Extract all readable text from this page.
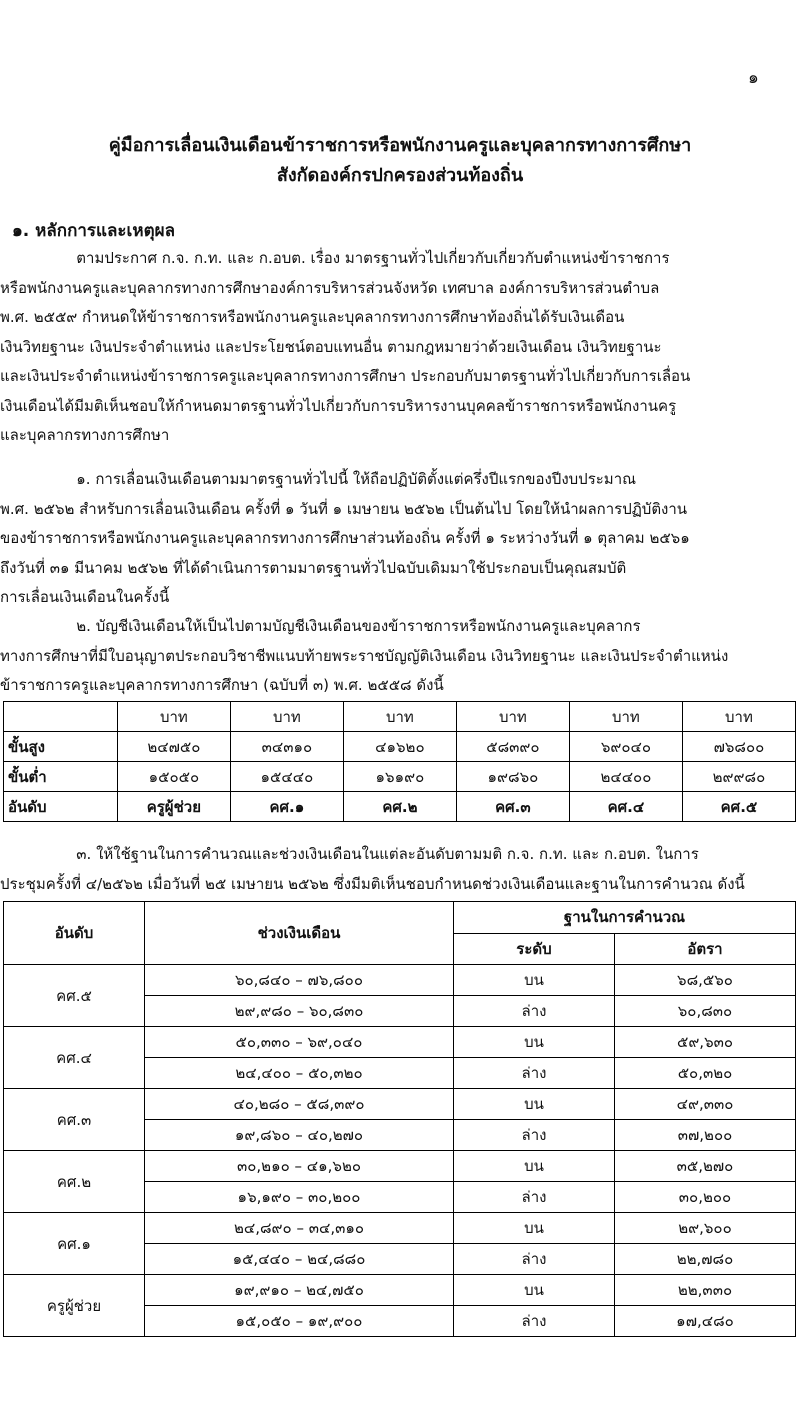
๑
คู่มือการเลื่อนเงินเดือนข้าราชการหรือพนักงานครูและบุคลากรทางการศึกษา
สังกัดองค์กรปกครองส่วนท้องถิ่น
๑. หลักการและเหตุผล
ตามประกาศ ก.จ. ก.ท. และ ก.อบต. เรื่อง มาตรฐานทั่วไปเกี่ยวกับเกี่ยวกับตำแหน่งข้าราชการ
หรือพนักงานครูและบุคลากรทางการศึกษาองค์การบริหารส่วนจังหวัด เทศบาล องค์การบริหารส่วนตำบล
พ.ศ. ๒๕๕๙ กำหนดให้ข้าราชการหรือพนักงานครูและบุคลากรทางการศึกษาท้องถิ่นได้รับเงินเดือน
เงินวิทยฐานะ เงินประจำตำแหน่ง และประโยชน์ตอบแทนอื่น ตามกฎหมายว่าด้วยเงินเดือน เงินวิทยฐานะ
และเงินประจำตำแหน่งข้าราชการครูและบุคลากรทางการศึกษา ประกอบกับมาตรฐานทั่วไปเกี่ยวกับการเลื่อน
เงินเดือนได้มีมติเห็นชอบให้กำหนดมาตรฐานทั่วไปเกี่ยวกับการบริหารงานบุคคลข้าราชการหรือพนักงานครู
และบุคลากรทางการศึกษา
๑. การเลื่อนเงินเดือนตามมาตรฐานทั่วไปนี้ ให้ถือปฏิบัติตั้งแต่ครึ่งปีแรกของปีงบประมาณ
พ.ศ. ๒๕๖๒ สำหรับการเลื่อนเงินเดือน ครั้งที่ ๑ วันที่ ๑ เมษายน ๒๕๖๒ เป็นต้นไป โดยให้นำผลการปฏิบัติงาน
ของข้าราชการหรือพนักงานครูและบุคลากรทางการศึกษาส่วนท้องถิ่น ครั้งที่ ๑ ระหว่างวันที่ ๑ ตุลาคม ๒๕๖๑
ถึงวันที่ ๓๑ มีนาคม ๒๕๖๒ ที่ได้ดำเนินการตามมาตรฐานทั่วไปฉบับเดิมมาใช้ประกอบเป็นคุณสมบัติ
การเลื่อนเงินเดือนในครั้งนี้
๒. บัญชีเงินเดือนให้เป็นไปตามบัญชีเงินเดือนของข้าราชการหรือพนักงานครูและบุคลากร
ทางการศึกษาที่มีใบอนุญาตประกอบวิชาชีพแนบท้ายพระราชบัญญัติเงินเดือน เงินวิทยฐานะ และเงินประจำตำแหน่ง
ข้าราชการครูและบุคลากรทางการศึกษา (ฉบับที่ ๓) พ.ศ. ๒๕๕๘ ดังนี้
	บาท	บาท	บาท	บาท	บาท	บาท
ขั้นสูง	๒๔๗๕๐	๓๔๓๑๐	๔๑๖๒๐	๕๘๓๙๐	๖๙๐๔๐	๗๖๘๐๐
ขั้นต่ำ	๑๕๐๕๐	๑๕๔๔๐	๑๖๑๙๐	๑๙๘๖๐	๒๔๔๐๐	๒๙๙๘๐
อันดับ	ครูผู้ช่วย	คศ.๑	คศ.๒	คศ.๓	คศ.๔	คศ.๕
๓. ให้ใช้ฐานในการคำนวณและช่วงเงินเดือนในแต่ละอันดับตามมติ ก.จ. ก.ท. และ ก.อบต. ในการ
ประชุมครั้งที่ ๔/๒๕๖๒ เมื่อวันที่ ๒๕ เมษายน ๒๕๖๒ ซึ่งมีมติเห็นชอบกำหนดช่วงเงินเดือนและฐานในการคำนวณ ดังนี้
อันดับ	ช่วงเงินเดือน	ฐานในการคำนวณ	
		ระดับ	อัตรา
คศ.๕	๖๐,๘๔๐ – ๗๖,๘๐๐	บน	๖๘,๕๖๐
	๒๙,๙๘๐ – ๖๐,๘๓๐	ล่าง	๖๐,๘๓๐
คศ.๔	๕๐,๓๓๐ – ๖๙,๐๔๐	บน	๕๙,๖๓๐
	๒๔,๔๐๐ – ๕๐,๓๒๐	ล่าง	๕๐,๓๒๐
คศ.๓	๔๐,๒๘๐ – ๕๘,๓๙๐	บน	๔๙,๓๓๐
	๑๙,๘๖๐ – ๔๐,๒๗๐	ล่าง	๓๗,๒๐๐
คศ.๒	๓๐,๒๑๐ – ๔๑,๖๒๐	บน	๓๕,๒๗๐
	๑๖,๑๙๐ – ๓๐,๒๐๐	ล่าง	๓๐,๒๐๐
คศ.๑	๒๔,๘๙๐ – ๓๔,๓๑๐	บน	๒๙,๖๐๐
	๑๕,๔๔๐ – ๒๔,๘๘๐	ล่าง	๒๒,๗๘๐
ครูผู้ช่วย	๑๙,๙๑๐ – ๒๔,๗๕๐	บน	๒๒,๓๓๐
	๑๕,๐๕๐ – ๑๙,๙๐๐	ล่าง	๑๗,๔๘๐
